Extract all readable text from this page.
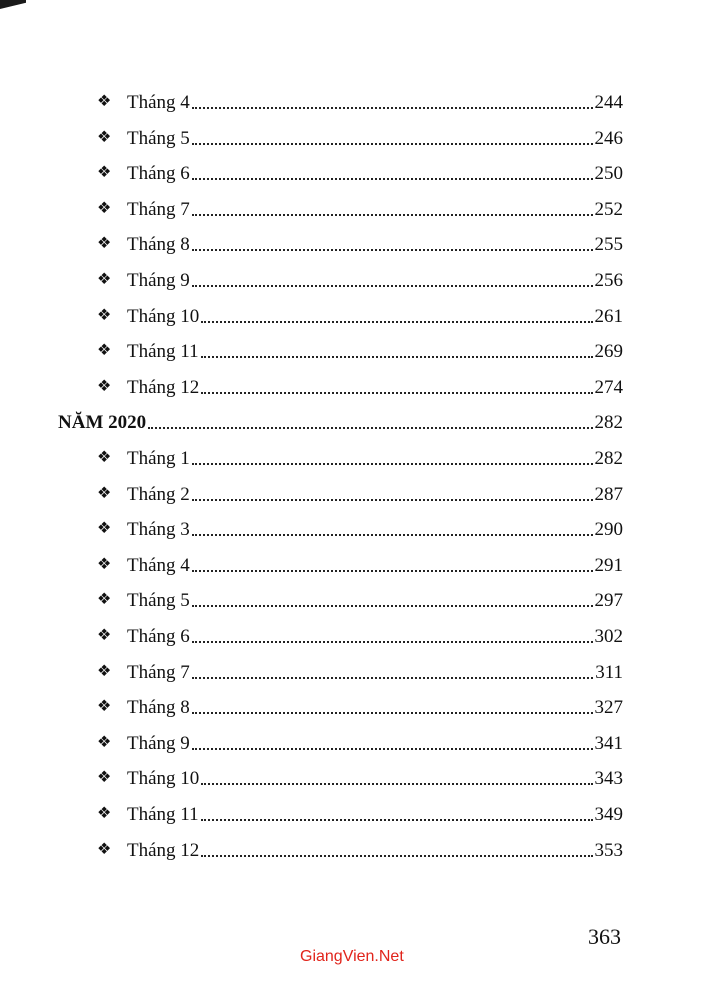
❖ Tháng 4	244
❖ Tháng 5	246
❖ Tháng 6	250
❖ Tháng 7	252
❖ Tháng 8	255
❖ Tháng 9	256
❖ Tháng 10	261
❖ Tháng 11	269
❖ Tháng 12	274
NĂM 2020	282
❖ Tháng 1	282
❖ Tháng 2	287
❖ Tháng 3	290
❖ Tháng 4	291
❖ Tháng 5	297
❖ Tháng 6	302
❖ Tháng 7	311
❖ Tháng 8	327
❖ Tháng 9	341
❖ Tháng 10	343
❖ Tháng 11	349
❖ Tháng 12	353
363
GiangVien.Net
